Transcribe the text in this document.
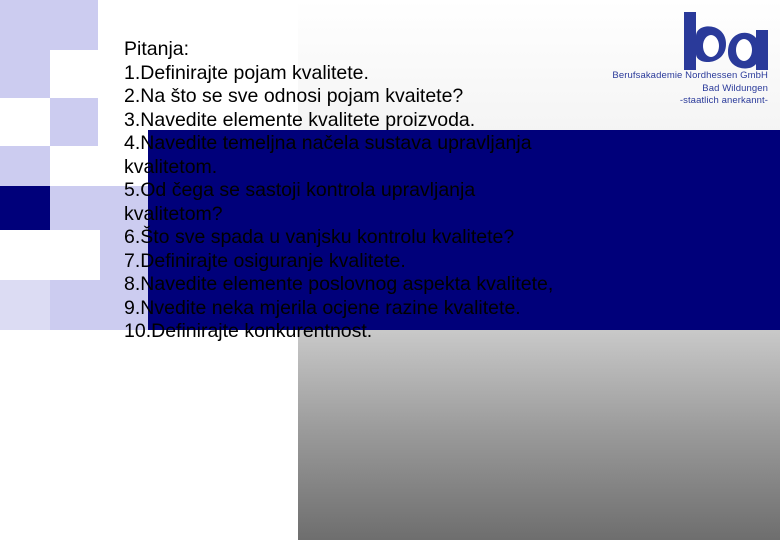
Berufsakademie Nordhessen GmbH
Bad Wildungen
-staatlich anerkannt-
Pitanja:
1.Definirajte pojam kvalitete.
2.Na što se sve odnosi pojam kvaitete?
3.Navedite elemente kvalitete proizvoda.
4.Navedite temeljna načela sustava upravljanja
kvalitetom.
5.Od čega se sastoji kontrola upravljanja
kvalitetom?
6.Što sve spada u vanjsku kontrolu kvalitete?
7.Definirajte osiguranje kvalitete.
8.Navedite elemente poslovnog aspekta kvalitete,
9.Nvedite neka mjerila ocjene razine kvalitete.
10.Definirajte konkurentnost.
